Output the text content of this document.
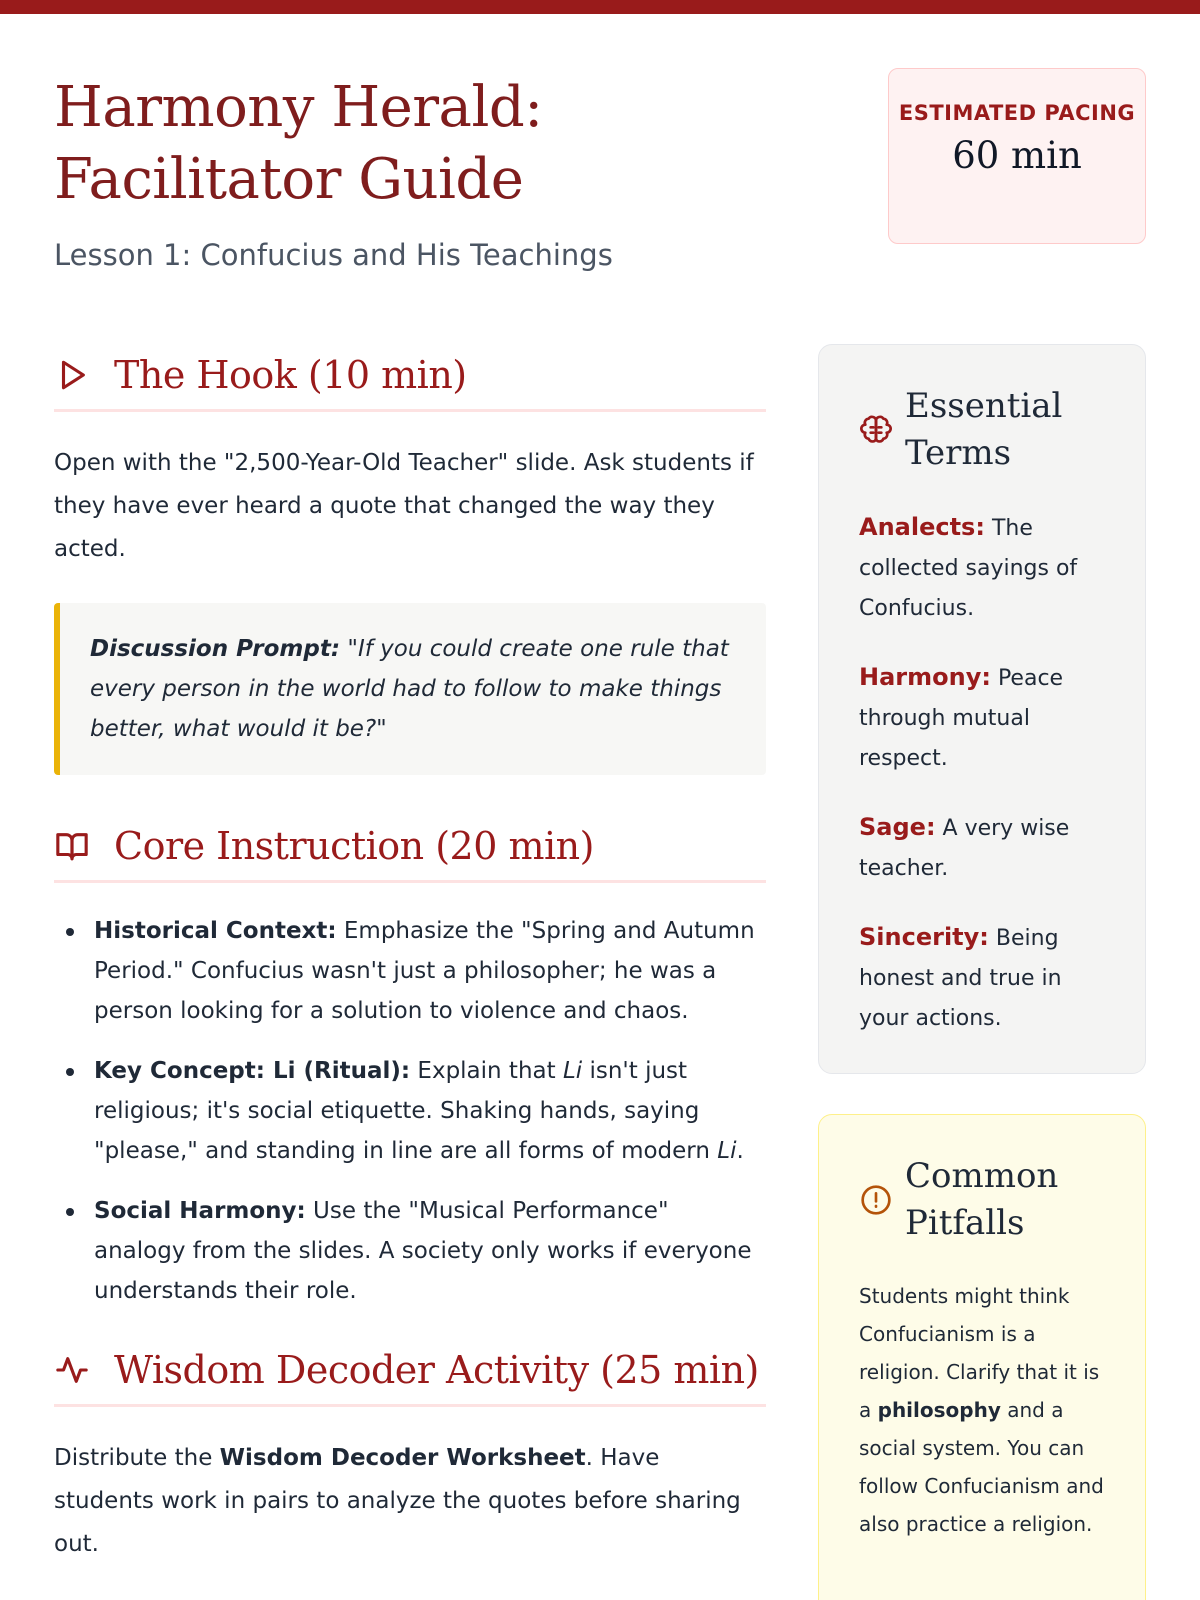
Harmony Herald: Facilitator Guide
Lesson 1: Confucius and His Teachings
ESTIMATED PACING
60 min
The Hook (10 min)

Open with the "2,500-Year-Old Teacher" slide. Ask students if they have ever heard a quote that changed the way they acted.

Discussion Prompt: "If you could create one rule that every person in the world had to follow to make things better, what would it be?"
Core Instruction (20 min)
Historical Context: Emphasize the "Spring and Autumn Period." Confucius wasn't just a philosopher; he was a person looking for a solution to violence and chaos.
Key Concept: Li (Ritual): Explain that Li isn't just religious; it's social etiquette. Shaking hands, saying "please," and standing in line are all forms of modern Li.
Social Harmony: Use the "Musical Performance" analogy from the slides. A society only works if everyone understands their role.
Wisdom Decoder Activity (25 min)

Distribute the Wisdom Decoder Worksheet. Have students work in pairs to analyze the quotes before sharing out.

Essential Terms

Analects: The collected sayings of Confucius.

Harmony: Peace through mutual respect.

Sage: A very wise teacher.

Sincerity: Being honest and true in your actions.

Common Pitfalls

Students might think Confucianism is a religion. Clarify that it is a philosophy and a social system. You can follow Confucianism and also practice a religion.
